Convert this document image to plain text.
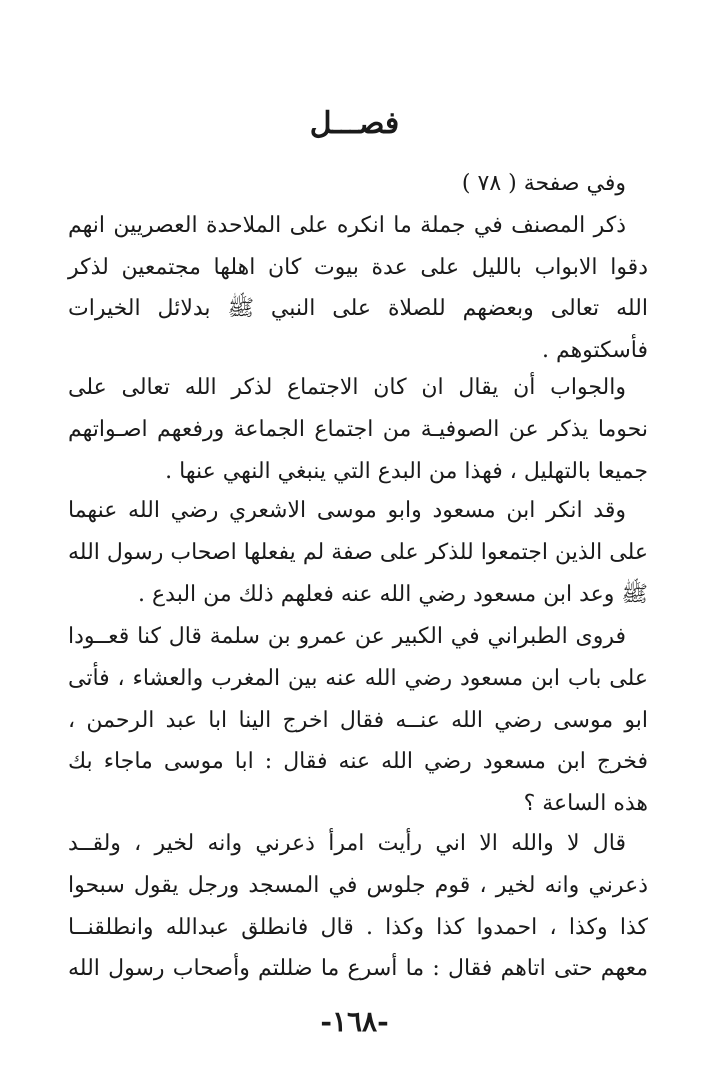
فصـــل
وفي صفحة ( ٧٨ )
ذكر المصنف في جملة ما انكره على الملاحدة العصريين انهم
دقوا الابواب بالليل على عدة بيوت كان اهلها مجتمعين لذكر
الله تعالى وبعضهم للصلاة على النبي ﷺ بدلائل الخيرات
فأسكتوهم .
والجواب أن يقال ان كان الاجتماع لذكر الله تعالى على
نحوما يذكر عن الصوفيـة من اجتماع الجماعة ورفعهم اصـواتهم
جميعا بالتهليل ، فهذا من البدع التي ينبغي النهي عنها .
وقد انكر ابن مسعود وابو موسى الاشعري رضي الله عنهما
على الذين اجتمعوا للذكر على صفة لم يفعلها اصحاب رسول الله
ﷺ وعد ابن مسعود رضي الله عنه فعلهم ذلك من البدع .
فروى الطبراني في الكبير عن عمرو بن سلمة قال كنا قعــودا
على باب ابن مسعود رضي الله عنه بين المغرب والعشاء ، فأتى
ابو موسى رضي الله عنــه فقال اخرج الينا ابا عبد الرحمن ،
فخرج ابن مسعود رضي الله عنه فقال : ابا موسى ماجاء بك
هذه الساعة ؟
قال لا والله الا اني رأيت امرأ ذعرني وانه لخير ، ولقــد
ذعرني وانه لخير ، قوم جلوس في المسجد ورجل يقول سبحوا
كذا وكذا ، احمدوا كذا وكذا . قال فانطلق عبدالله وانطلقنــا
معهم حتى اتاهم فقال : ما أسرع ما ضللتم وأصحاب رسول الله
-١٦٨-
